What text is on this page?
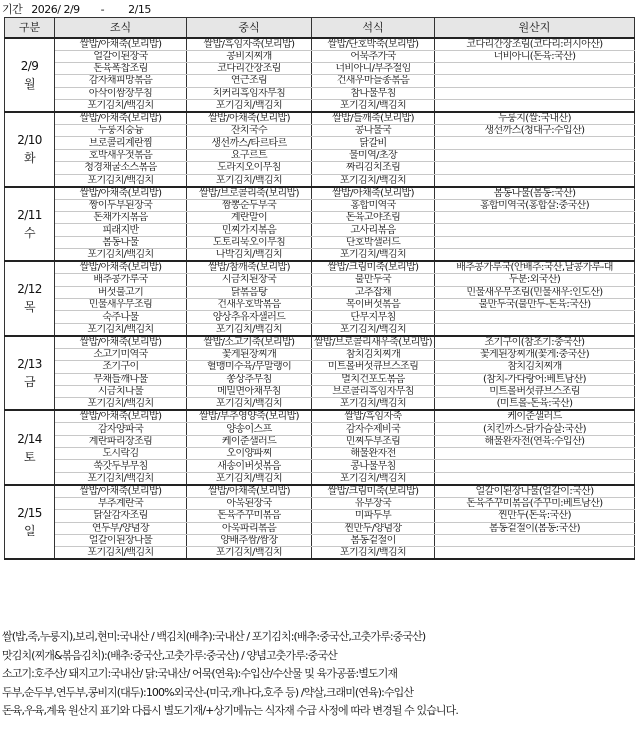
기간 2026/ 2/9 - 2/15
구분	조식	중식	석식	원산지

2/9
월	쌀밥/아채죽(보리밥)	쌀밥/흑임자죽(보리밥)	쌀밥/단호박죽(보리밥)	코다리간장조림(코다리:러시아산)
	얼갈이된장국	콩비지찌개	어묵추가국	너비아니(돈육:국산)
	돈육폭찹조림	코다리간장조림	너비아니/부추절임	
	감자채피망볶음	연근조림	건새우마늘종볶음	
	아삭이쌈장무침	치커리흑임자무침	참나물무침	
	포기김치/백김치	포기김치/백김치	포기김치/백김치	

2/10
화	쌀밥/아채죽(보리밥)	쌀밥/아채죽(보리밥)	쌀밥/들깨죽(보리밥)	누룽지(쌀:국내산)
	누룽지숭늉	잔치국수	콩나물국	생선까스(청대구:수입산)
	브로콜리계란찜	생선까스/타르타르	닭갈비	
	호박새우젓볶음	요구르트	물미역/초장	
	청경채굴소스볶음	도라지오이무침	짜리김치조림	
	포기김치/백김치	포기김치/백김치	포기김치/백김치	

2/11
수	쌀밥/아채죽(보리밥)	쌀밥/브로콜리죽(보리밥)	쌀밥/아채죽(보리밥)	봄동나물(봄동:국산)
	짱이두부된장국	짬뽕순두부국	홍합미역국	홍합미역국(홍합살:중국산)
	돈채가지볶음	계란말이	돈육고야조림	
	피래지반	민찌가지볶음	고사리볶음	
	봄동나물	도토리묵오이무침	단호박샐러드	
	포기김치/백김치	나박김치/백김치	포기김치/백김치	

2/12
목	쌀밥/아채죽(보리밥)	쌀밥/참깨죽(보리밥)	쌀밥/크림미죽(보리밥)	배추콩가루국(안배추:국산,날콩가루-대
	배추콩가루국	시금치된장국	불만두국	두분:외국산)
	버섯불고기	닭볶음탕	고추잡채	민물새우무조림(민물새우:인도산)
	민물새우무조림	건새우호박볶음	목이버섯볶음	불만두국(불만두-돈육:국산)
	숙주나물	양상추유자샐러드	단무지무침	
	포기김치/백김치	포기김치/백김치	포기김치/백김치	

2/13
금	쌀밥/아채죽(보리밥)	쌀밥/소고기죽(보리밥)	쌀밥/브로콜리새우죽(보리밥)	조기구이(참조기:중국산)
	소고기미역국	꽃게된장찌개	참치김치찌개	꽃게된장찌개(꽃게:중국산)
	조기구이	혈맹미수육/무말랭이	미트볼버섯큐브스조림	참치김치찌개
	무채들깨나물	쫑상추무침	멸치건포도볶음	(참치-가다랑어:베트남산)
	시금치나물	메밀면아채무침	브로콜리흑임자무침	미트볼버섯큐브스조림
	포기김치/백김치	포기김치/백김치	포기김치/백김치	(미트볼-돈육:국산)

2/14
토	쌀밥/아채죽(보리밥)	쌀밥/부추영양죽(보리밥)	쌀밥/흑임자죽	케이준샐러드
	감자양파국	양송이스프	감자수제비국	(치킨까스-닭가슴살:국산)
	계란파리장조림	케이준샐러드	민찌두부조림	해물완자전(연육:수입산)
	도시락김	오이양파찌	해물완자전	
	쑥갓두부무침	새송이버섯볶음	콩나물무침	
	포기김치/백김치	포기김치/백김치	포기김치/백김치	

2/15
일	쌀밥/아채죽(보리밥)	쌀밥/아채죽(보리밥)	쌀밥/크림미죽(보리밥)	얼갈이된장나물(얼갈이:국산)
	부추계란국	아욱된장국	유부장국	돈육주꾸미볶음(주꾸미:베트남산)
	닭살감자조림	돈육주꾸미볶음	미파두부	찐만두(돈육:국산)
	연두부/양념장	아욱파리볶음	찐만두/양념장	봄동겉절이(봄동:국산)
	얼갈이된장나물	양배추쌈/쌈장	봄동겉절이	
	포기김치/백김치	포기김치/백김치	포기김치/백김치	
쌀(밥,죽,누룽지),보리,현미:국내산 / 백김치(배추):국내산 / 포기김치:(배추:중국산,고춧가루:중국산)
맛김치(찌개&볶음김치):(배추:중국산,고춧가루:중국산) / 양념고춧가루:중국산
소고기:호주산/ 돼지고기:국내산/ 닭:국내산/ 어묵(연육):수입산/수산물 및 육가공품:별도기재
두부,순두부,연두부,콩비지(대두):100%외국산-(미국,캐나다,호주 등) /약살,크래미(연육):수입산
돈육,우육,계육 원산지 표기와 다릅시 별도기재/+상기메뉴는 식자재 수급 사정에 따라 변경될 수 있습니다.
